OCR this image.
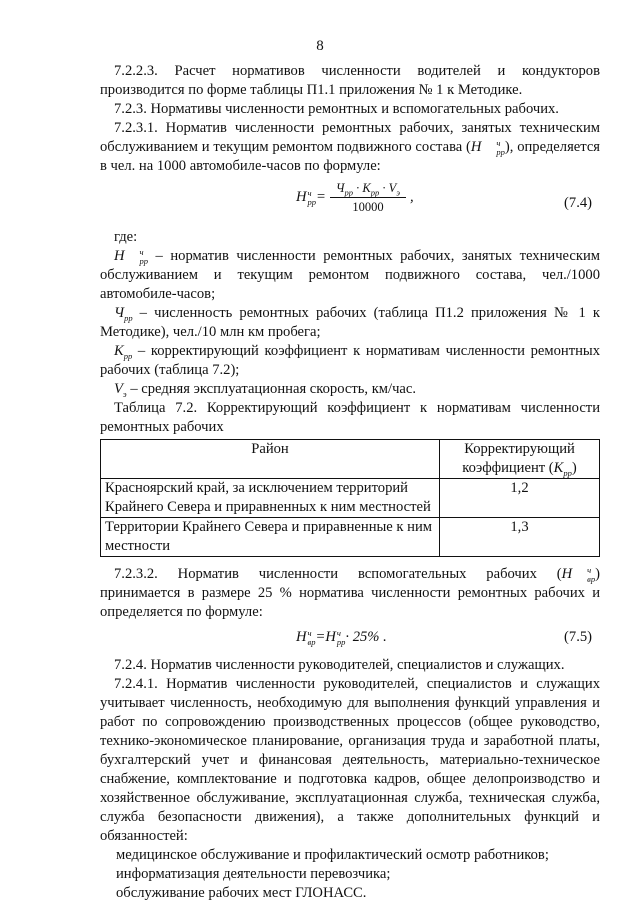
8

7.2.2.3. Расчет нормативов численности водителей и кондукторов производится по форме таблицы П1.1 приложения № 1 к Методике.

7.2.3. Нормативы численности ремонтных и вспомогательных рабочих.

7.2.3.1. Норматив численности ремонтных рабочих, занятых техническим обслуживанием и текущим ремонтом подвижного состава (Н	ч
рр ), определяется в чел. на 1000 автомобиле-часов по формуле:

Н ч
рр = $\frac{Ч_{рр} \cdot К_{рр} \cdot V_э}{10000}$ ,	(7.4)

где:

Н	ч
рр – норматив численности ремонтных рабочих, занятых техническим обслуживанием и текущим ремонтом подвижного состава, чел./1000 автомобиле-часов;

$Ч_{рр}$ – численность ремонтных рабочих (таблица П1.2 приложения № 1 к Методике), чел./10 млн км пробега;

$К_{рр}$ – корректирующий коэффициент к нормативам численности ремонтных рабочих (таблица 7.2);

$V_э$ – средняя эксплуатационная скорость, км/час.

Таблица 7.2. Корректирующий коэффициент к нормативам численности ремонтных рабочих

Район	Корректирующий
коэффициент $(К_{рр})$

Красноярский край, за исключением территорий Крайнего Севера и приравненных к ним местностей	1,2
Территории Крайнего Севера и приравненные к ним местности	1,3

7.2.3.2. Норматив численности вспомогательных рабочих (Н	ч
вр ) принимается в размере 25 % норматива численности ремонтных рабочих и определяется по формуле:

Н ч
вр = Н ч
рр · 25% .	(7.5)

7.2.4. Норматив численности руководителей, специалистов и служащих.

7.2.4.1. Норматив численности руководителей, специалистов и служащих учитывает численность, необходимую для выполнения функций управления и работ по сопровождению производственных процессов (общее руководство, технико-экономическое планирование, организация труда и заработной платы, бухгалтерский учет и финансовая деятельность, материально-техническое снабжение, комплектование и подготовка кадров, общее делопроизводство и хозяйственное обслуживание, эксплуатационная служба, техническая служба, служба безопасности движения), а также дополнительных функций и обязанностей:

медицинское обслуживание и профилактический осмотр работников;

информатизация деятельности перевозчика;

обслуживание рабочих мест ГЛОНАСС.
